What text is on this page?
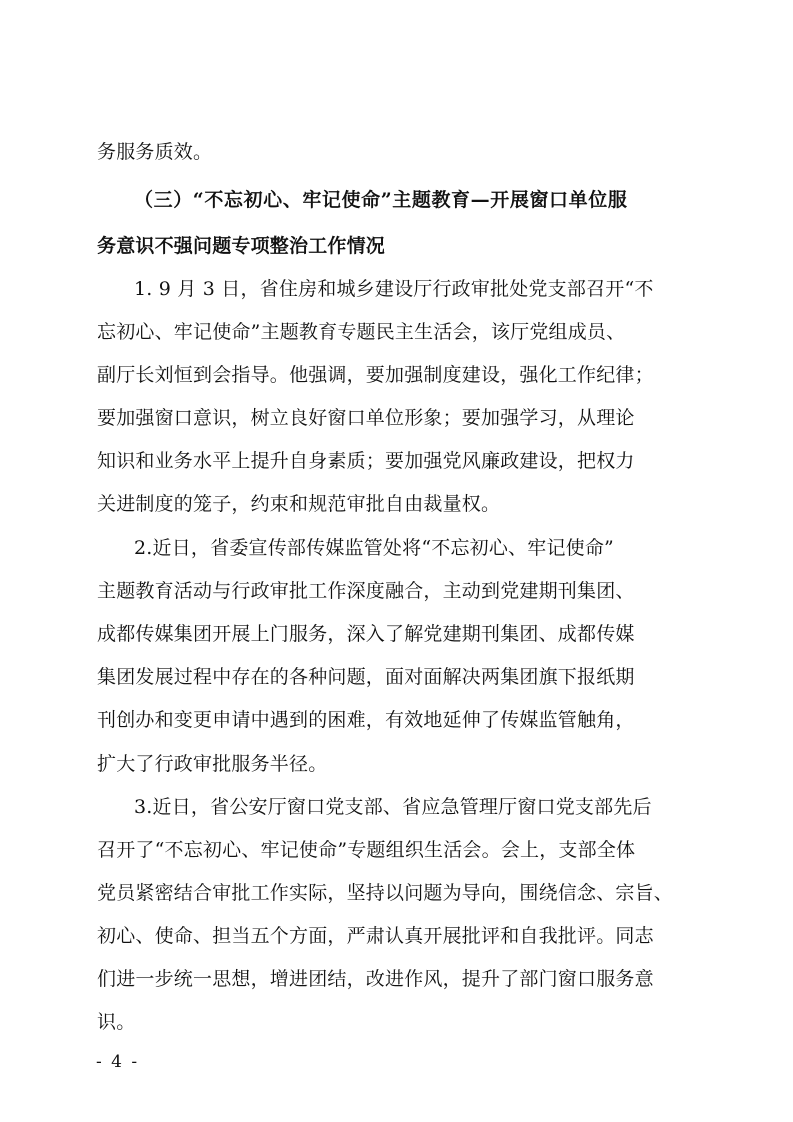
务服务质效。
（三）“不忘初心、牢记使命”主题教育—开展窗口单位服
务意识不强问题专项整治工作情况
1. 9 月 3 日，省住房和城乡建设厅行政审批处党支部召开“不
忘初心、牢记使命”主题教育专题民主生活会，该厅党组成员、
副厅长刘恒到会指导。他强调，要加强制度建设，强化工作纪律；
要加强窗口意识，树立良好窗口单位形象；要加强学习，从理论
知识和业务水平上提升自身素质；要加强党风廉政建设，把权力
关进制度的笼子，约束和规范审批自由裁量权。
2.近日，省委宣传部传媒监管处将“不忘初心、牢记使命”
主题教育活动与行政审批工作深度融合，主动到党建期刊集团、
成都传媒集团开展上门服务，深入了解党建期刊集团、成都传媒
集团发展过程中存在的各种问题，面对面解决两集团旗下报纸期
刊创办和变更申请中遇到的困难，有效地延伸了传媒监管触角，
扩大了行政审批服务半径。
3.近日，省公安厅窗口党支部、省应急管理厅窗口党支部先后
召开了“不忘初心、牢记使命”专题组织生活会。会上，支部全体
党员紧密结合审批工作实际，坚持以问题为导向，围绕信念、宗旨、
初心、使命、担当五个方面，严肃认真开展批评和自我批评。同志
们进一步统一思想，增进团结，改进作风，提升了部门窗口服务意
识。
- 4 -
